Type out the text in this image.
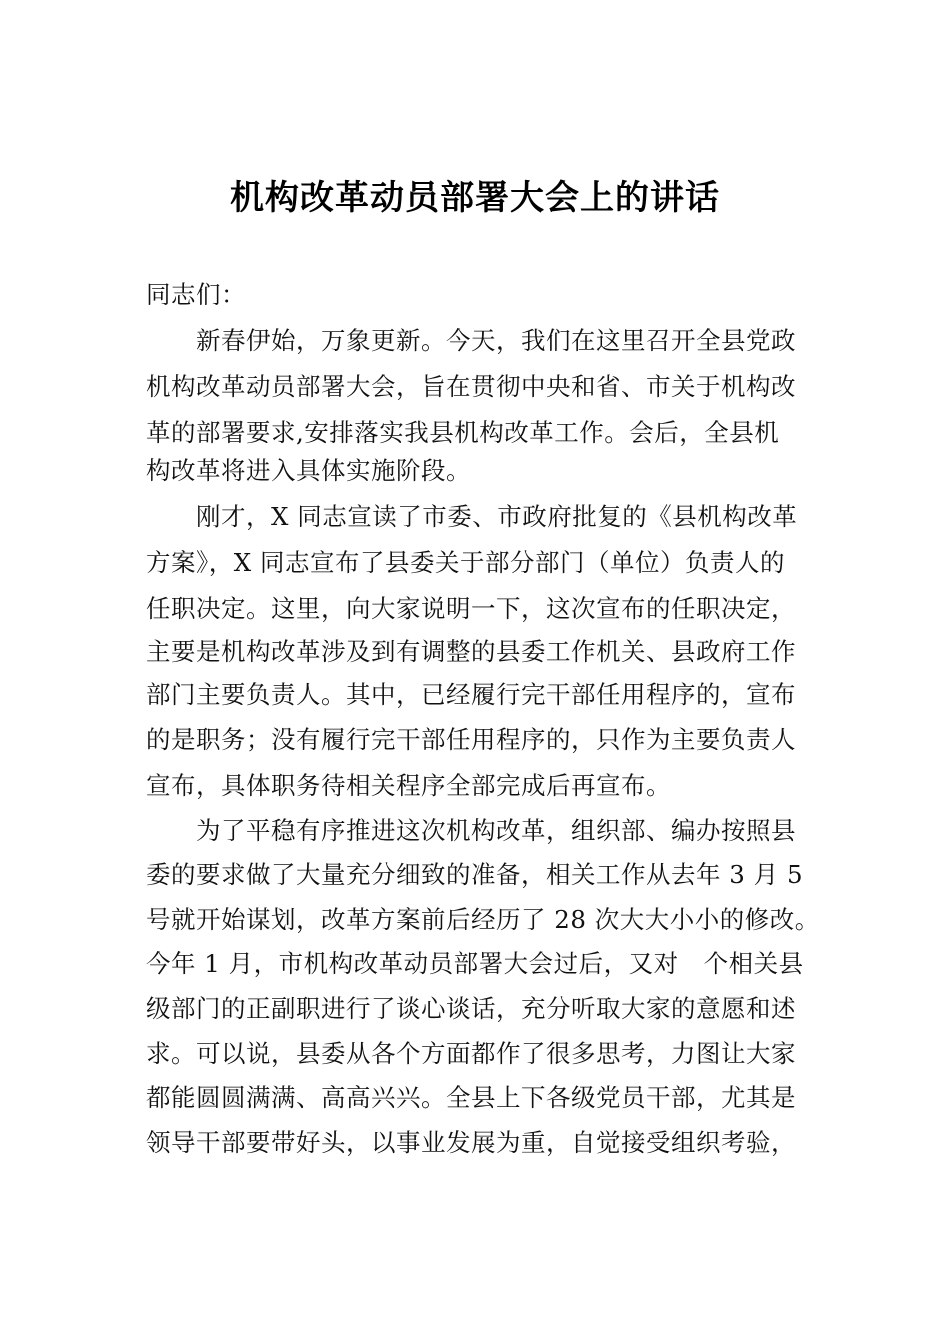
机构改革动员部署大会上的讲话
同志们：
　　新春伊始，万象更新。今天，我们在这里召开全县党政
机构改革动员部署大会，旨在贯彻中央和省、市关于机构改
革的部署要求,安排落实我县机构改革工作。会后，全县机
构改革将进入具体实施阶段。
　　刚才，X 同志宣读了市委、市政府批复的《县机构改革
方案》，X 同志宣布了县委关于部分部门（单位）负责人的
任职决定。这里，向大家说明一下，这次宣布的任职决定，
主要是机构改革涉及到有调整的县委工作机关、县政府工作
部门主要负责人。其中，已经履行完干部任用程序的，宣布
的是职务；没有履行完干部任用程序的，只作为主要负责人
宣布，具体职务待相关程序全部完成后再宣布。
　　为了平稳有序推进这次机构改革，组织部、编办按照县
委的要求做了大量充分细致的准备，相关工作从去年 3 月 5
号就开始谋划，改革方案前后经历了 28 次大大小小的修改。
今年 1 月，市机构改革动员部署大会过后，又对　个相关县
级部门的正副职进行了谈心谈话，充分听取大家的意愿和述
求。可以说，县委从各个方面都作了很多思考，力图让大家
都能圆圆满满、高高兴兴。全县上下各级党员干部，尤其是
领导干部要带好头，以事业发展为重，自觉接受组织考验，
